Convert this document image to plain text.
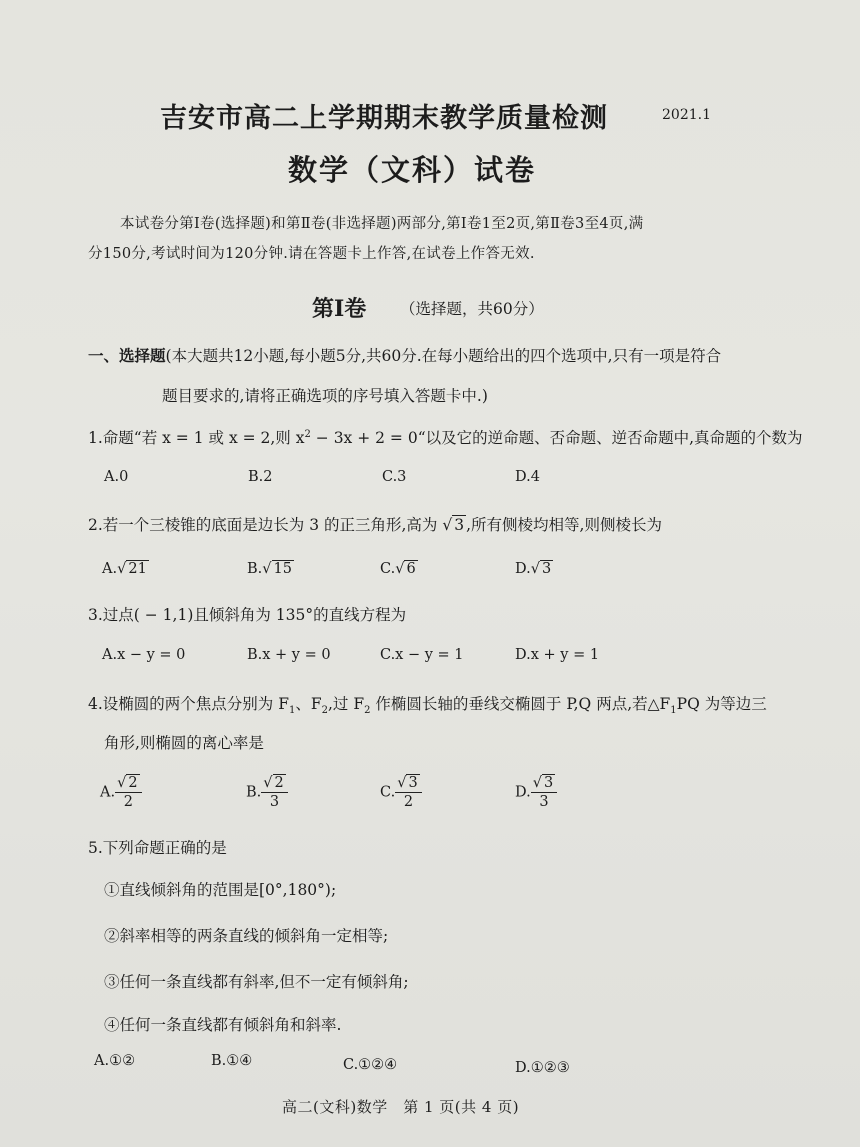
吉安市高二上学期期末教学质量检测	2021.1
数学（文科）试卷
本试卷分第Ⅰ卷(选择题)和第Ⅱ卷(非选择题)两部分,第Ⅰ卷1至2页,第Ⅱ卷3至4页,满
分150分,考试时间为120分钟.请在答题卡上作答,在试卷上作答无效.
第Ⅰ卷 （选择题，共60分）
一、选择题(本大题共12小题,每小题5分,共60分.在每小题给出的四个选项中,只有一项是符合
题目要求的,请将正确选项的序号填入答题卡中.)
1.命题“若 x = 1 或 x = 2,则 $x^2 - 3x + 2$ = 0“以及它的逆命题、否命题、逆否命题中,真命题的个数为
A.0	B.2	C.3	D.4
2.若一个三棱锥的底面是边长为 3 的正三角形,高为 √ 3 ,所有侧棱均相等,则侧棱长为
A.√ 21	B.√ 15	C.√ 6	D.√ 3
3.过点( − 1,1)且倾斜角为 135°的直线方程为
A.x − y = 0	B.x + y = 0	C.x − y = 1	D.x + y = 1
4.设椭圆的两个焦点分别为 $F_1$、$F_2$,过 $F_2$ 作椭圆长轴的垂线交椭圆于 P,Q 两点,若$\triangle F_1PQ$ 为等边三
角形,则椭圆的离心率是
A. $\frac{√ 2}{2}$	B. $\frac{√ 2}{3}$	C. $\frac{√ 3}{2}$	D. $\frac{√ 3}{3}$
5.下列命题正确的是
①直线倾斜角的范围是[0°,180°);
②斜率相等的两条直线的倾斜角一定相等;
③任何一条直线都有斜率,但不一定有倾斜角;
④任何一条直线都有倾斜角和斜率.
A.①②	B.①④	C.①②④	D.①②③
高二(文科)数学　第 1 页(共 4 页)
